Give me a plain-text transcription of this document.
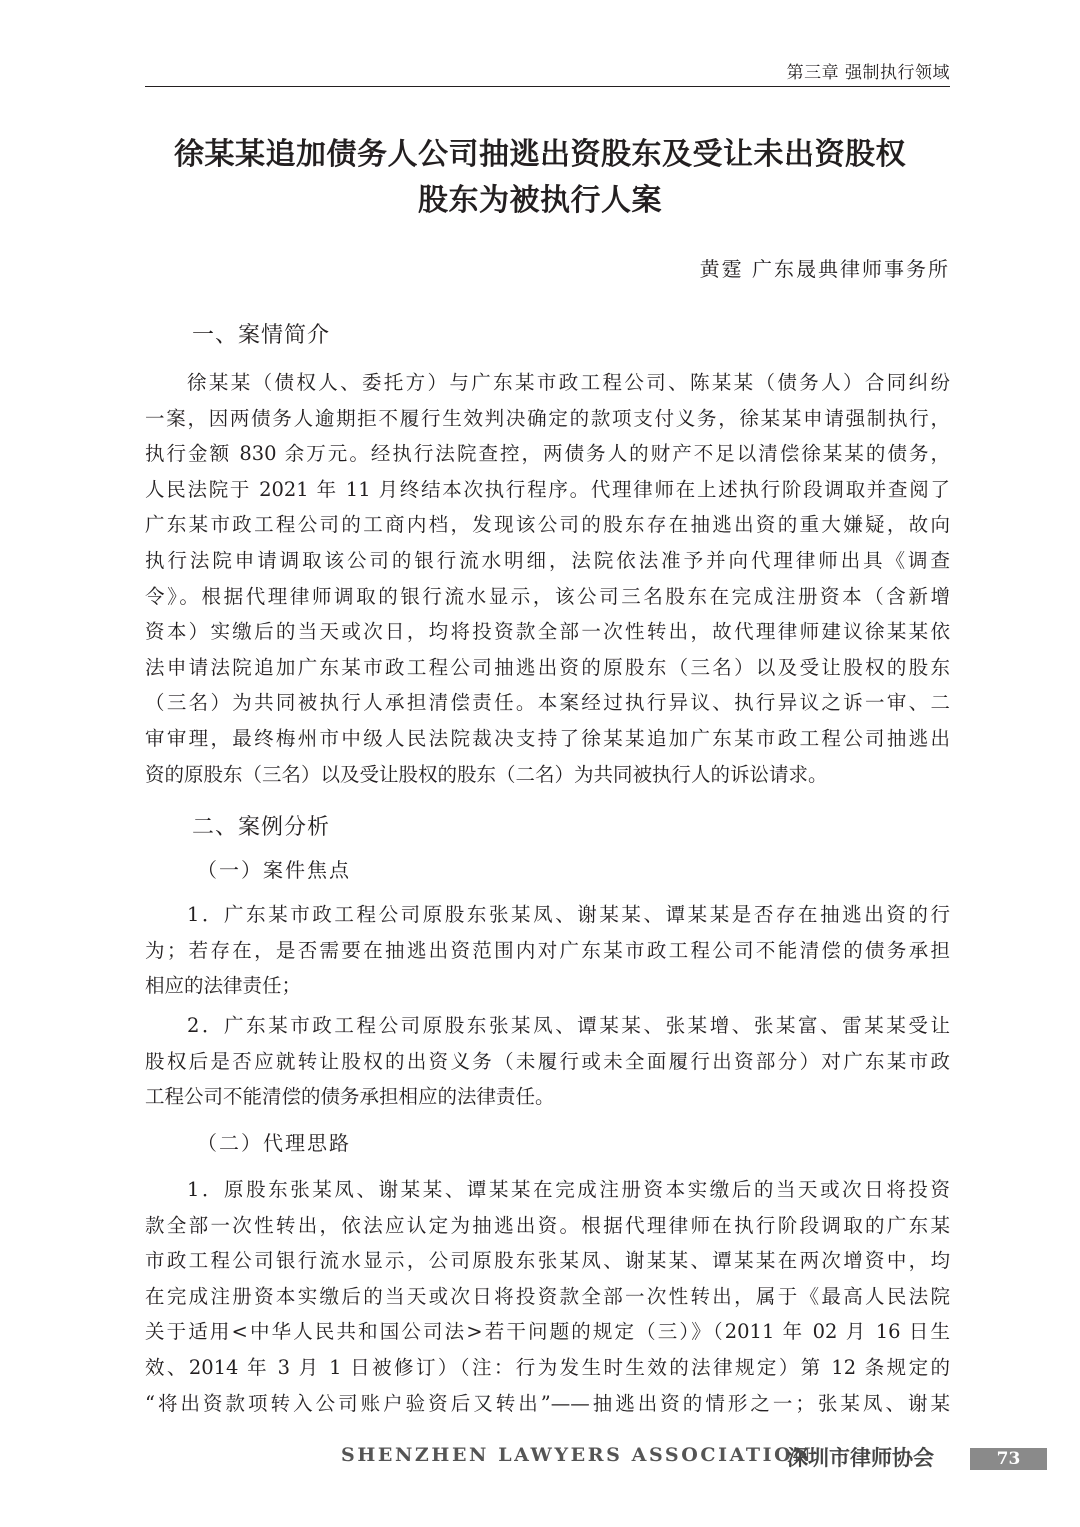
第三章 强制执行领域
徐某某追加债务人公司抽逃出资股东及受让未出资股权
股东为被执行人案
黄霆 广东晟典律师事务所
一、案情简介
徐某某（债权人、委托方）与广东某市政工程公司、陈某某（债务人）合同纠纷
一案，因两债务人逾期拒不履行生效判决确定的款项支付义务，徐某某申请强制执行，
执行金额 830 余万元。经执行法院查控，两债务人的财产不足以清偿徐某某的债务，
人民法院于 2021 年 11 月终结本次执行程序。代理律师在上述执行阶段调取并查阅了
广东某市政工程公司的工商内档，发现该公司的股东存在抽逃出资的重大嫌疑，故向
执行法院申请调取该公司的银行流水明细，法院依法准予并向代理律师出具《调查
令》。根据代理律师调取的银行流水显示，该公司三名股东在完成注册资本（含新增
资本）实缴后的当天或次日，均将投资款全部一次性转出，故代理律师建议徐某某依
法申请法院追加广东某市政工程公司抽逃出资的原股东（三名）以及受让股权的股东
（三名）为共同被执行人承担清偿责任。本案经过执行异议、执行异议之诉一审、二
审审理，最终梅州市中级人民法院裁决支持了徐某某追加广东某市政工程公司抽逃出
资的原股东（三名）以及受让股权的股东（二名）为共同被执行人的诉讼请求。
二、案例分析
（一）案件焦点
1．广东某市政工程公司原股东张某凤、谢某某、谭某某是否存在抽逃出资的行
为；若存在，是否需要在抽逃出资范围内对广东某市政工程公司不能清偿的债务承担
相应的法律责任；
2．广东某市政工程公司原股东张某凤、谭某某、张某增、张某富、雷某某受让
股权后是否应就转让股权的出资义务（未履行或未全面履行出资部分）对广东某市政
工程公司不能清偿的债务承担相应的法律责任。
（二）代理思路
1．原股东张某凤、谢某某、谭某某在完成注册资本实缴后的当天或次日将投资
款全部一次性转出，依法应认定为抽逃出资。根据代理律师在执行阶段调取的广东某
市政工程公司银行流水显示，公司原股东张某凤、谢某某、谭某某在两次增资中，均
在完成注册资本实缴后的当天或次日将投资款全部一次性转出，属于《最高人民法院
关于适用<中华人民共和国公司法>若干问题的规定（三）》（2011 年 02 月 16 日生
效、2014 年 3 月 1 日被修订）（注：行为发生时生效的法律规定）第 12 条规定的
“将出资款项转入公司账户验资后又转出”——抽逃出资的情形之一；张某凤、谢某
SHENZHEN LAWYERS ASSOCIATION
深圳市律师协会	73
